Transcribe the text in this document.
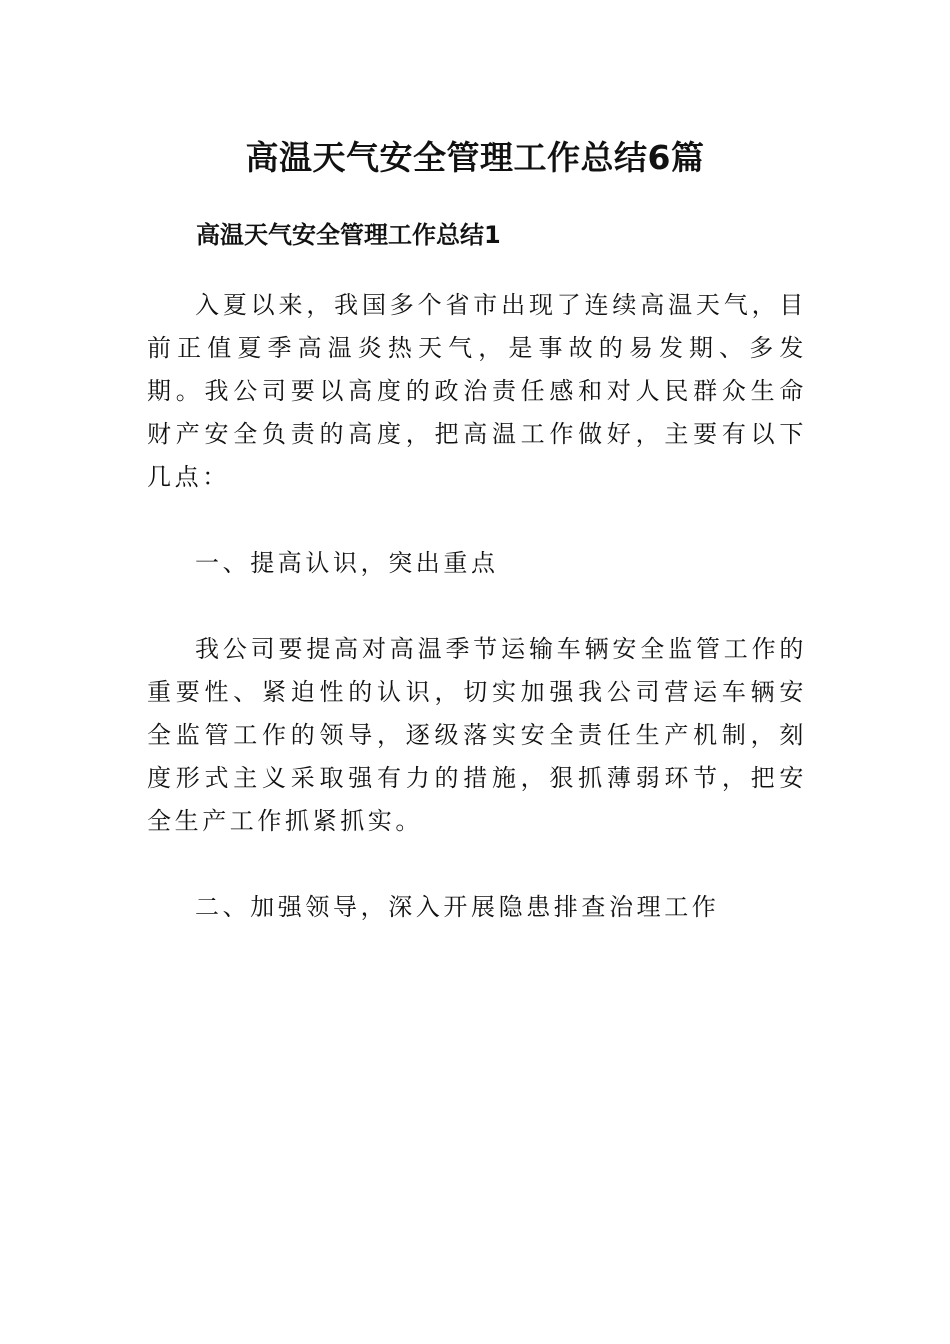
高温天气安全管理工作总结6篇
高温天气安全管理工作总结1

入夏以来，我国多个省市出现了连续高温天气，目前正值夏季高温炎热天气，是事故的易发期、多发期。我公司要以高度的政治责任感和对人民群众生命财产安全负责的高度，把高温工作做好，主要有以下几点：

一、提高认识，突出重点

我公司要提高对高温季节运输车辆安全监管工作的重要性、紧迫性的认识，切实加强我公司营运车辆安全监管工作的领导，逐级落实安全责任生产机制，刻度形式主义采取强有力的措施，狠抓薄弱环节，把安全生产工作抓紧抓实。

二、加强领导，深入开展隐患排查治理工作
